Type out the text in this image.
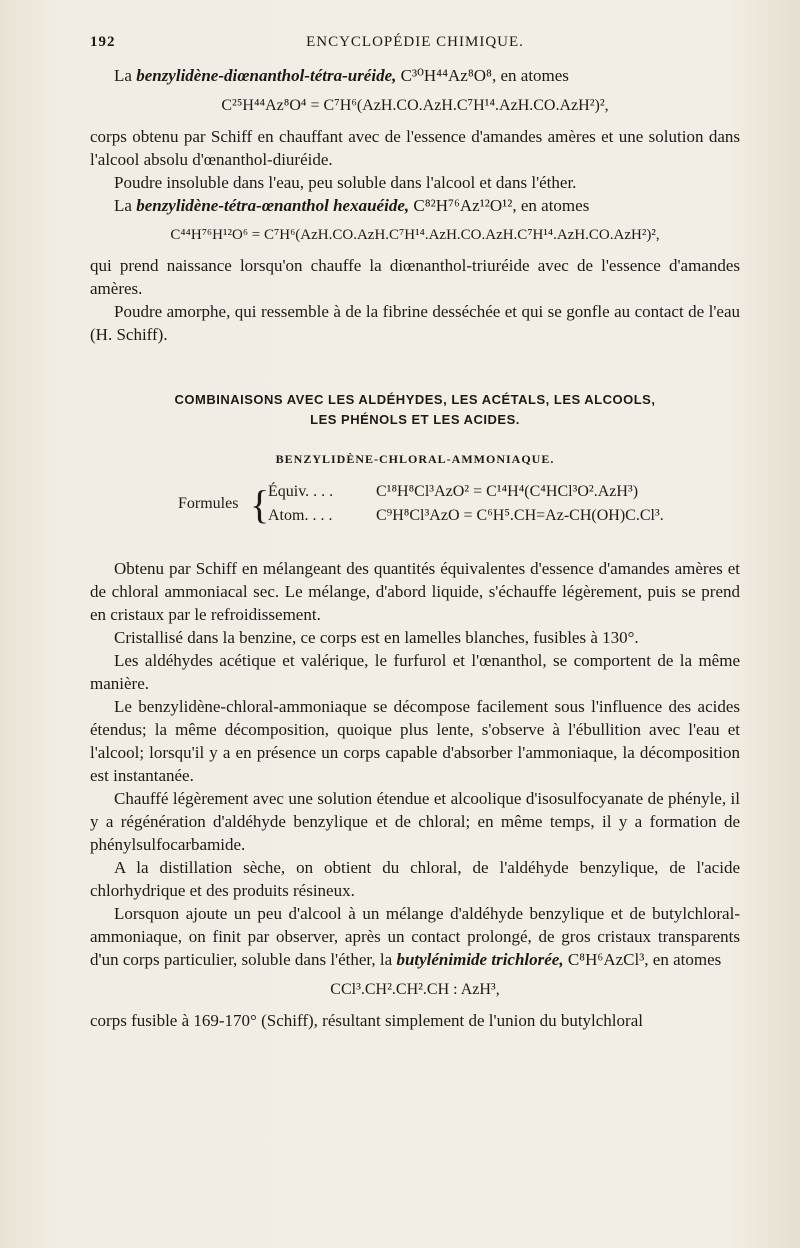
192	ENCYCLOPÉDIE CHIMIQUE.

La benzylidène-diœnanthol-tétra-uréide, C³⁰H⁴⁴Az⁸O⁸, en atomes

C²⁵H⁴⁴Az⁸O⁴ = C⁷H⁶(AzH.CO.AzH.C⁷H¹⁴.AzH.CO.AzH²)²,

corps obtenu par Schiff en chauffant avec de l'essence d'amandes amères et une solution dans l'alcool absolu d'œnanthol-diuréide.

Poudre insoluble dans l'eau, peu soluble dans l'alcool et dans l'éther.

La benzylidène-tétra-œnanthol hexauéide, C⁸²H⁷⁶Az¹²O¹², en atomes

C⁴⁴H⁷⁶H¹²O⁶ = C⁷H⁶(AzH.CO.AzH.C⁷H¹⁴.AzH.CO.AzH.C⁷H¹⁴.AzH.CO.AzH²)²,

qui prend naissance lorsqu'on chauffe la diœnanthol-triuréide avec de l'essence d'amandes amères.

Poudre amorphe, qui ressemble à de la fibrine desséchée et qui se gonfle au contact de l'eau (H. Schiff).

COMBINAISONS AVEC LES ALDÉHYDES, LES ACÉTALS, LES ALCOOLS,
LES PHÉNOLS ET LES ACIDES.
BENZYLIDÈNE-CHLORAL-AMMONIAQUE.
Formules {
Équiv. . . .	C¹⁸H⁸Cl³AzO² = C¹⁴H⁴(C⁴HCl³O².AzH³)
Atom. . . .	C⁹H⁸Cl³AzO = C⁶H⁵.CH=Az-CH(OH)C.Cl³.

Obtenu par Schiff en mélangeant des quantités équivalentes d'essence d'amandes amères et de chloral ammoniacal sec. Le mélange, d'abord liquide, s'échauffe légèrement, puis se prend en cristaux par le refroidissement.

Cristallisé dans la benzine, ce corps est en lamelles blanches, fusibles à 130°.

Les aldéhydes acétique et valérique, le furfurol et l'œnanthol, se comportent de la même manière.

Le benzylidène-chloral-ammoniaque se décompose facilement sous l'influence des acides étendus; la même décomposition, quoique plus lente, s'observe à l'ébullition avec l'eau et l'alcool; lorsqu'il y a en présence un corps capable d'absorber l'ammoniaque, la décomposition est instantanée.

Chauffé légèrement avec une solution étendue et alcoolique d'isosulfocyanate de phényle, il y a régénération d'aldéhyde benzylique et de chloral; en même temps, il y a formation de phénylsulfocarbamide.

A la distillation sèche, on obtient du chloral, de l'aldéhyde benzylique, de l'acide chlorhydrique et des produits résineux.

Lorsquon ajoute un peu d'alcool à un mélange d'aldéhyde benzylique et de butylchloral-ammoniaque, on finit par observer, après un contact prolongé, de gros cristaux transparents d'un corps particulier, soluble dans l'éther, la butylénimide trichlorée, C⁸H⁶AzCl³, en atomes

CCl³.CH².CH².CH : AzH³,

corps fusible à 169-170° (Schiff), résultant simplement de l'union du butylchloral
